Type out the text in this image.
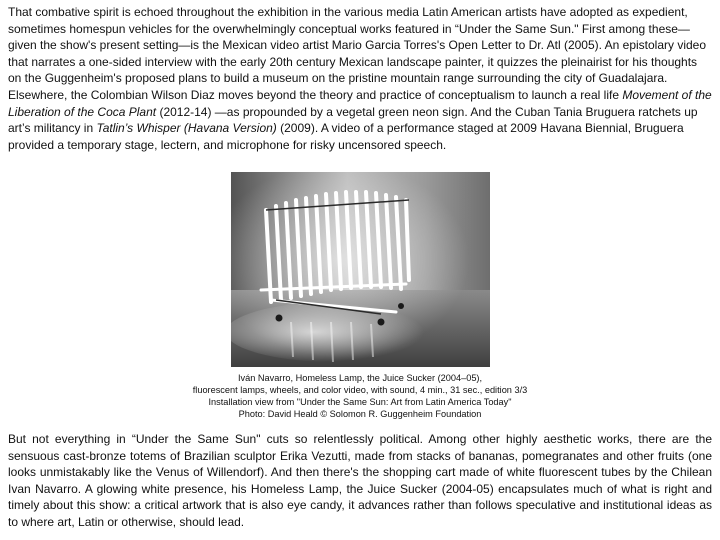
That combative spirit is echoed throughout the exhibition in the various media Latin American artists have adopted as expedient, sometimes homespun vehicles for the overwhelmingly conceptual works featured in “Under the Same Sun." First among these—given the show's present setting—is the Mexican video artist Mario Garcia Torres's Open Letter to Dr. Atl (2005). An epistolary video that narrates a one-sided interview with the early 20th century Mexican landscape painter, it quizzes the pleinairist for his thoughts on the Guggenheim's proposed plans to build a museum on the pristine mountain range surrounding the city of Guadalajara. Elsewhere, the Colombian Wilson Diaz moves beyond the theory and practice of conceptualism to launch a real life Movement of the Liberation of the Coca Plant (2012-14) —as propounded by a vegetal green neon sign. And the Cuban Tania Bruguera ratchets up art’s militancy in Tatlin’s Whisper (Havana Version) (2009). A video of a performance staged at 2009 Havana Biennial, Bruguera provided a temporary stage, lectern, and microphone for risky uncensored speech.

Iván Navarro, Homeless Lamp, the Juice Sucker (2004–05),
fluorescent lamps, wheels, and color video, with sound, 4 min., 31 sec., edition 3/3
Installation view from "Under the Same Sun: Art from Latin America Today"
Photo: David Heald © Solomon R. Guggenheim Foundation

But not everything in “Under the Same Sun" cuts so relentlessly political. Among other highly aesthetic works, there are the sensuous cast-bronze totems of Brazilian sculptor Erika Vezutti, made from stacks of bananas, pomegranates and other fruits (one looks unmistakably like the Venus of Willendorf). And then there's the shopping cart made of white fluorescent tubes by the Chilean Ivan Navarro. A glowing white presence, his Homeless Lamp, the Juice Sucker (2004-05) encapsulates much of what is right and timely about this show: a critical artwork that is also eye candy, it advances rather than follows speculative and institutional ideas as to where art, Latin or otherwise, should lead.
